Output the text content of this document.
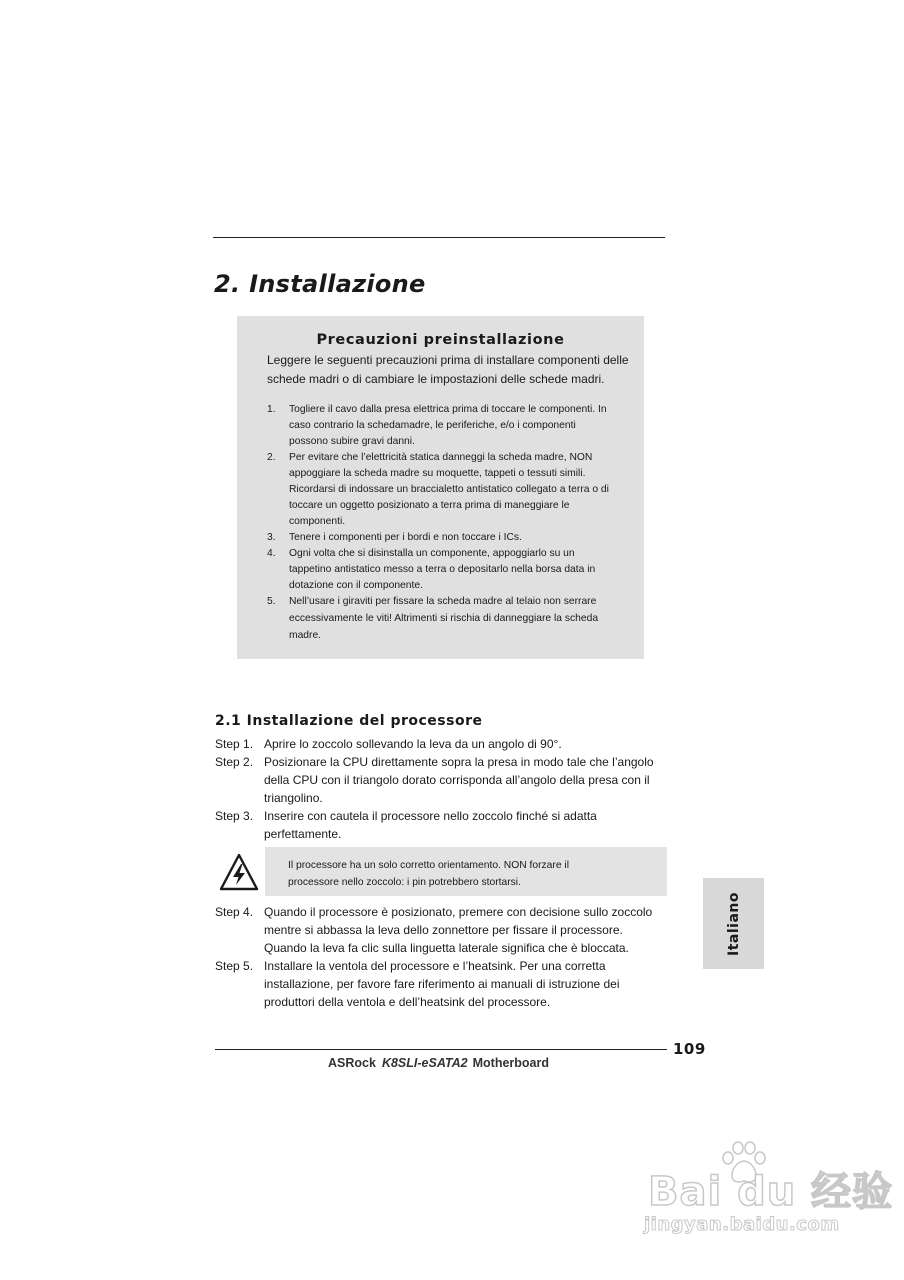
2. Installazione
Precauzioni preinstallazione

Leggere le seguenti precauzioni prima di installare componenti delle
schede madri o di cambiare le impostazioni delle schede madri.

1. Togliere il cavo dalla presa elettrica prima di toccare le componenti. In
caso contrario la schedamadre, le periferiche, e/o i componenti
possono subire gravi danni.
2. Per evitare che l’elettricità statica danneggi la scheda madre, NON
appoggiare la scheda madre su moquette, tappeti o tessuti simili.
Ricordarsi di indossare un braccialetto antistatico collegato a terra o di
toccare un oggetto posizionato a terra prima di maneggiare le
componenti.
3. Tenere i componenti per i bordi e non toccare i ICs.
4. Ogni volta che si disinstalla un componente, appoggiarlo su un
tappetino antistatico messo a terra o depositarlo nella borsa data in
dotazione con il componente.
5. Nell’usare i giraviti per fissare la scheda madre al telaio non serrare
eccessivamente le viti! Altrimenti si rischia di danneggiare la scheda
madre.
2.1 Installazione del processore

Step 1. Aprire lo zoccolo sollevando la leva da un angolo di 90°.

Step 2. Posizionare la CPU direttamente sopra la presa in modo tale che l’angolo
della CPU con il triangolo dorato corrisponda all’angolo della presa con il
triangolino.

Step 3. Inserire con cautela il processore nello zoccolo finché si adatta
perfettamente.

Il processore ha un solo corretto orientamento. NON forzare il
processore nello zoccolo: i pin potrebbero stortarsi.

Step 4. Quando il processore è posizionato, premere con decisione sullo zoccolo
mentre si abbassa la leva dello zonnettore per fissare il processore.
Quando la leva fa clic sulla linguetta laterale significa che è bloccata.

Step 5. Installare la ventola del processore e l’heatsink. Per una corretta
installazione, per favore fare riferimento ai manuali di istruzione dei
produttori della ventola e dell’heatsink del processore.

Italiano
109
ASRock K8SLI-eSATA2 Motherboard
Bai du 经验
jingyan.baidu.com
